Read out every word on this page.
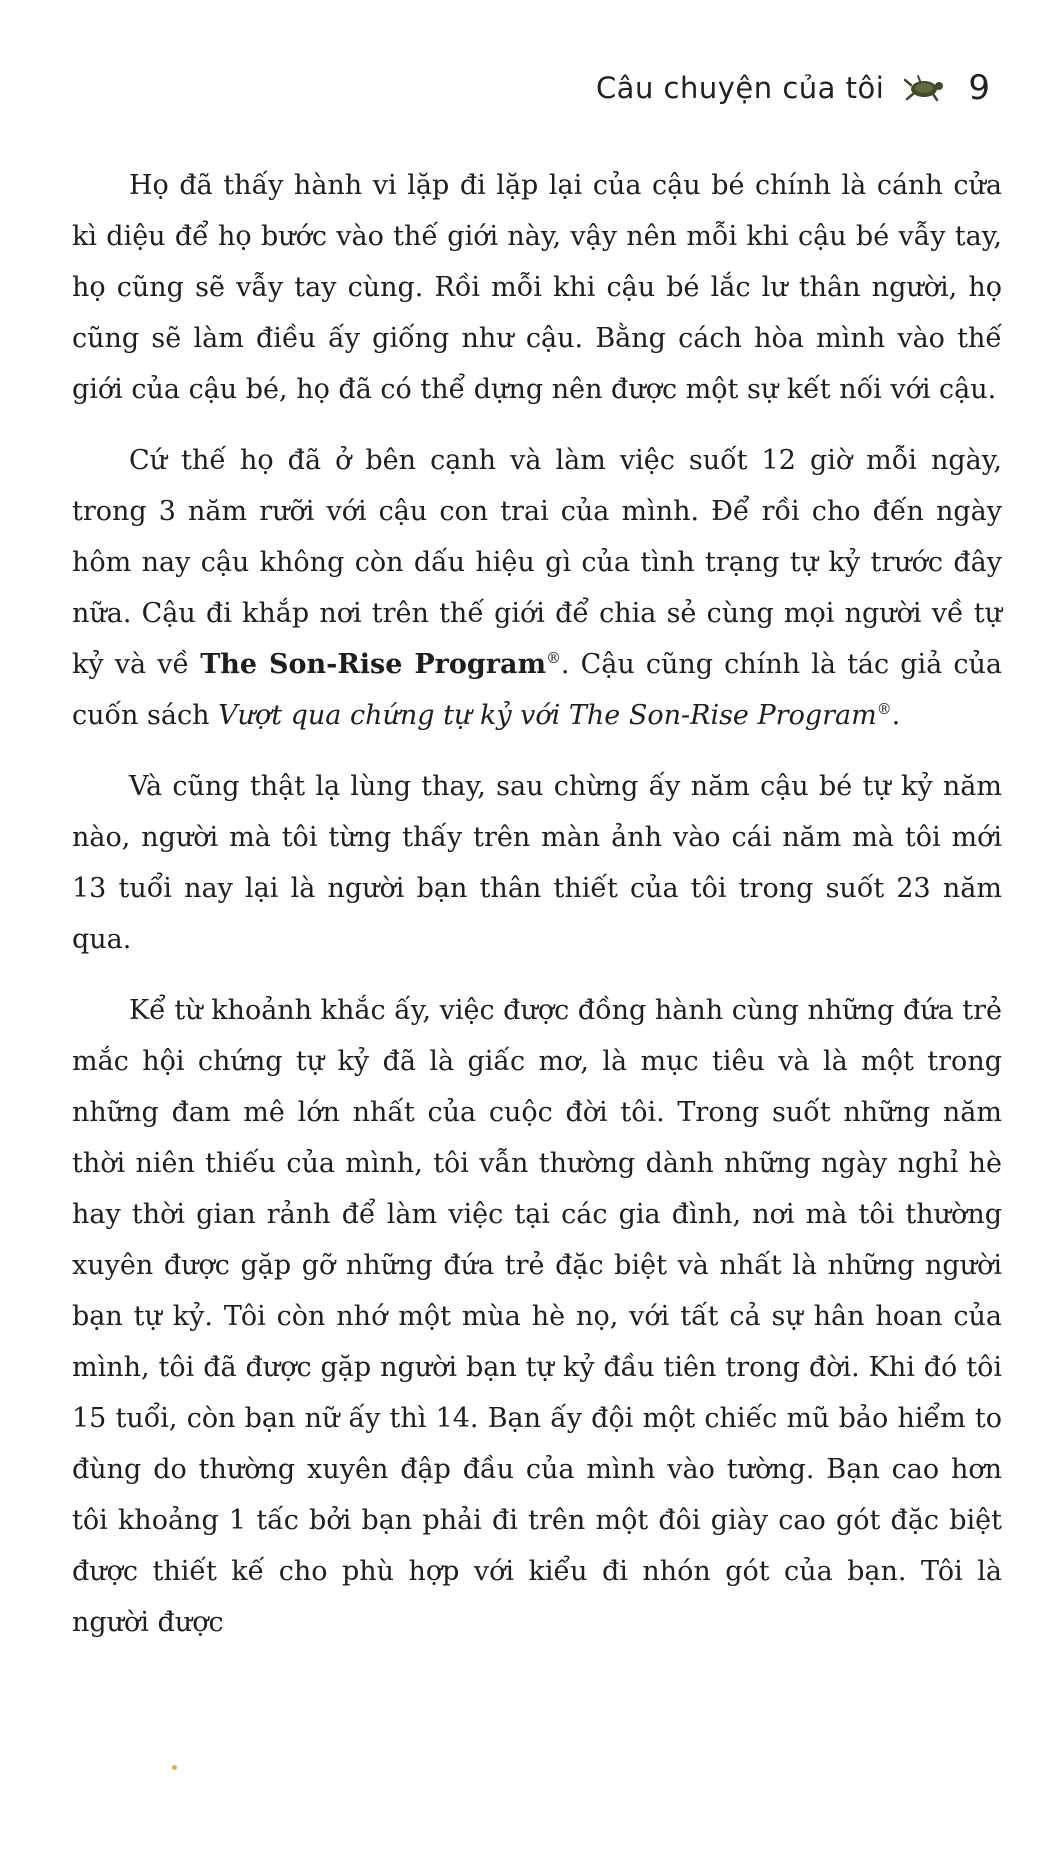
Câu chuyện của tôi 9

Họ đã thấy hành vi lặp đi lặp lại của cậu bé chính là cánh cửa kì diệu để họ bước vào thế giới này, vậy nên mỗi khi cậu bé vẫy tay, họ cũng sẽ vẫy tay cùng. Rồi mỗi khi cậu bé lắc lư thân người, họ cũng sẽ làm điều ấy giống như cậu. Bằng cách hòa mình vào thế giới của cậu bé, họ đã có thể dựng nên được một sự kết nối với cậu.

Cứ thế họ đã ở bên cạnh và làm việc suốt 12 giờ mỗi ngày, trong 3 năm rưỡi với cậu con trai của mình. Để rồi cho đến ngày hôm nay cậu không còn dấu hiệu gì của tình trạng tự kỷ trước đây nữa. Cậu đi khắp nơi trên thế giới để chia sẻ cùng mọi người về tự kỷ và về The Son-Rise Program®. Cậu cũng chính là tác giả của cuốn sách Vượt qua chứng tự kỷ với The Son-Rise Program®.

Và cũng thật lạ lùng thay, sau chừng ấy năm cậu bé tự kỷ năm nào, người mà tôi từng thấy trên màn ảnh vào cái năm mà tôi mới 13 tuổi nay lại là người bạn thân thiết của tôi trong suốt 23 năm qua.

Kể từ khoảnh khắc ấy, việc được đồng hành cùng những đứa trẻ mắc hội chứng tự kỷ đã là giấc mơ, là mục tiêu và là một trong những đam mê lớn nhất của cuộc đời tôi. Trong suốt những năm thời niên thiếu của mình, tôi vẫn thường dành những ngày nghỉ hè hay thời gian rảnh để làm việc tại các gia đình, nơi mà tôi thường xuyên được gặp gỡ những đứa trẻ đặc biệt và nhất là những người bạn tự kỷ. Tôi còn nhớ một mùa hè nọ, với tất cả sự hân hoan của mình, tôi đã được gặp người bạn tự kỷ đầu tiên trong đời. Khi đó tôi 15 tuổi, còn bạn nữ ấy thì 14. Bạn ấy đội một chiếc mũ bảo hiểm to đùng do thường xuyên đập đầu của mình vào tường. Bạn cao hơn tôi khoảng 1 tấc bởi bạn phải đi trên một đôi giày cao gót đặc biệt được thiết kế cho phù hợp với kiểu đi nhón gót của bạn. Tôi là người được
